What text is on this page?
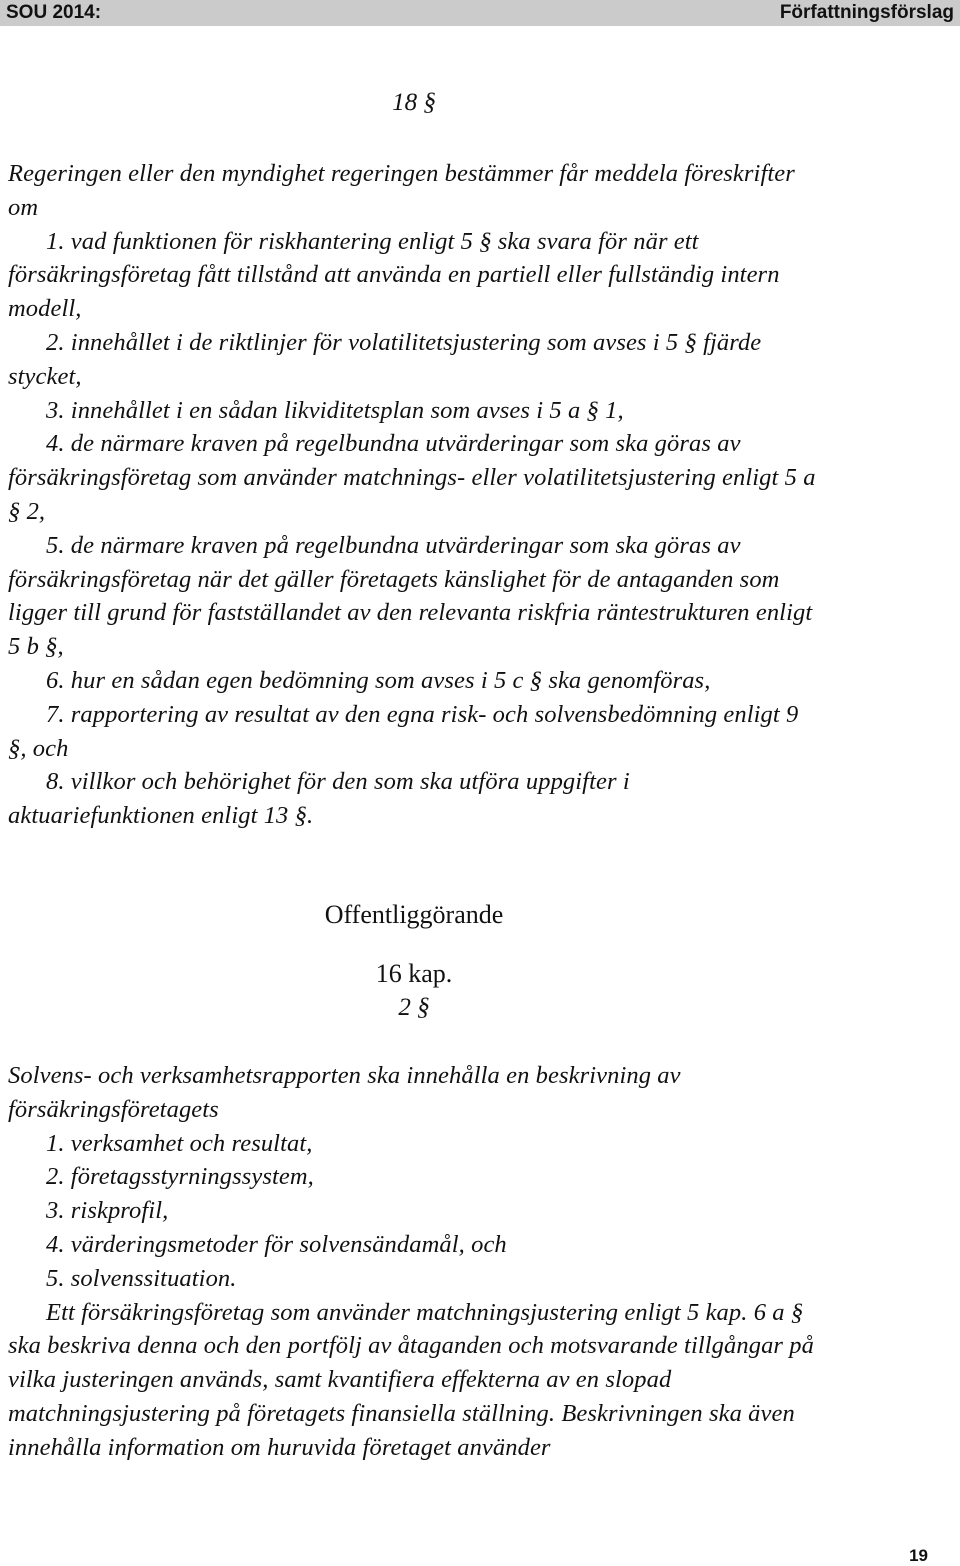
SOU 2014:	Författningsförslag
18 §

Regeringen eller den myndighet regeringen bestämmer får meddela föreskrifter om

1. vad funktionen för riskhantering enligt 5 § ska svara för när ett försäkringsföretag fått tillstånd att använda en partiell eller fullständig intern modell,

2. innehållet i de riktlinjer för volatilitetsjustering som avses i 5 § fjärde stycket,

3. innehållet i en sådan likviditetsplan som avses i 5 a § 1,

4. de närmare kraven på regelbundna utvärderingar som ska göras av försäkringsföretag som använder matchnings- eller volatilitetsjustering enligt 5 a § 2,

5. de närmare kraven på regelbundna utvärderingar som ska göras av försäkringsföretag när det gäller företagets känslighet för de antaganden som ligger till grund för fastställandet av den relevanta riskfria räntestrukturen enligt 5 b §,

6. hur en sådan egen bedömning som avses i 5 c § ska genomföras,

7. rapportering av resultat av den egna risk- och solvensbedömning enligt 9 §, och

8. villkor och behörighet för den som ska utföra uppgifter i aktuariefunktionen enligt 13 §.

Offentliggörande
16 kap.
2 §

Solvens- och verksamhetsrapporten ska innehålla en beskrivning av försäkringsföretagets

1. verksamhet och resultat,

2. företagsstyrningssystem,

3. riskprofil,

4. värderingsmetoder för solvensändamål, och

5. solvenssituation.

Ett försäkringsföretag som använder matchningsjustering enligt 5 kap. 6 a § ska beskriva denna och den portfölj av åtaganden och motsvarande tillgångar på vilka justeringen används, samt kvantifiera effekterna av en slopad matchningsjustering på företagets finansiella ställning. Beskrivningen ska även innehålla information om huruvida företaget använder

19
